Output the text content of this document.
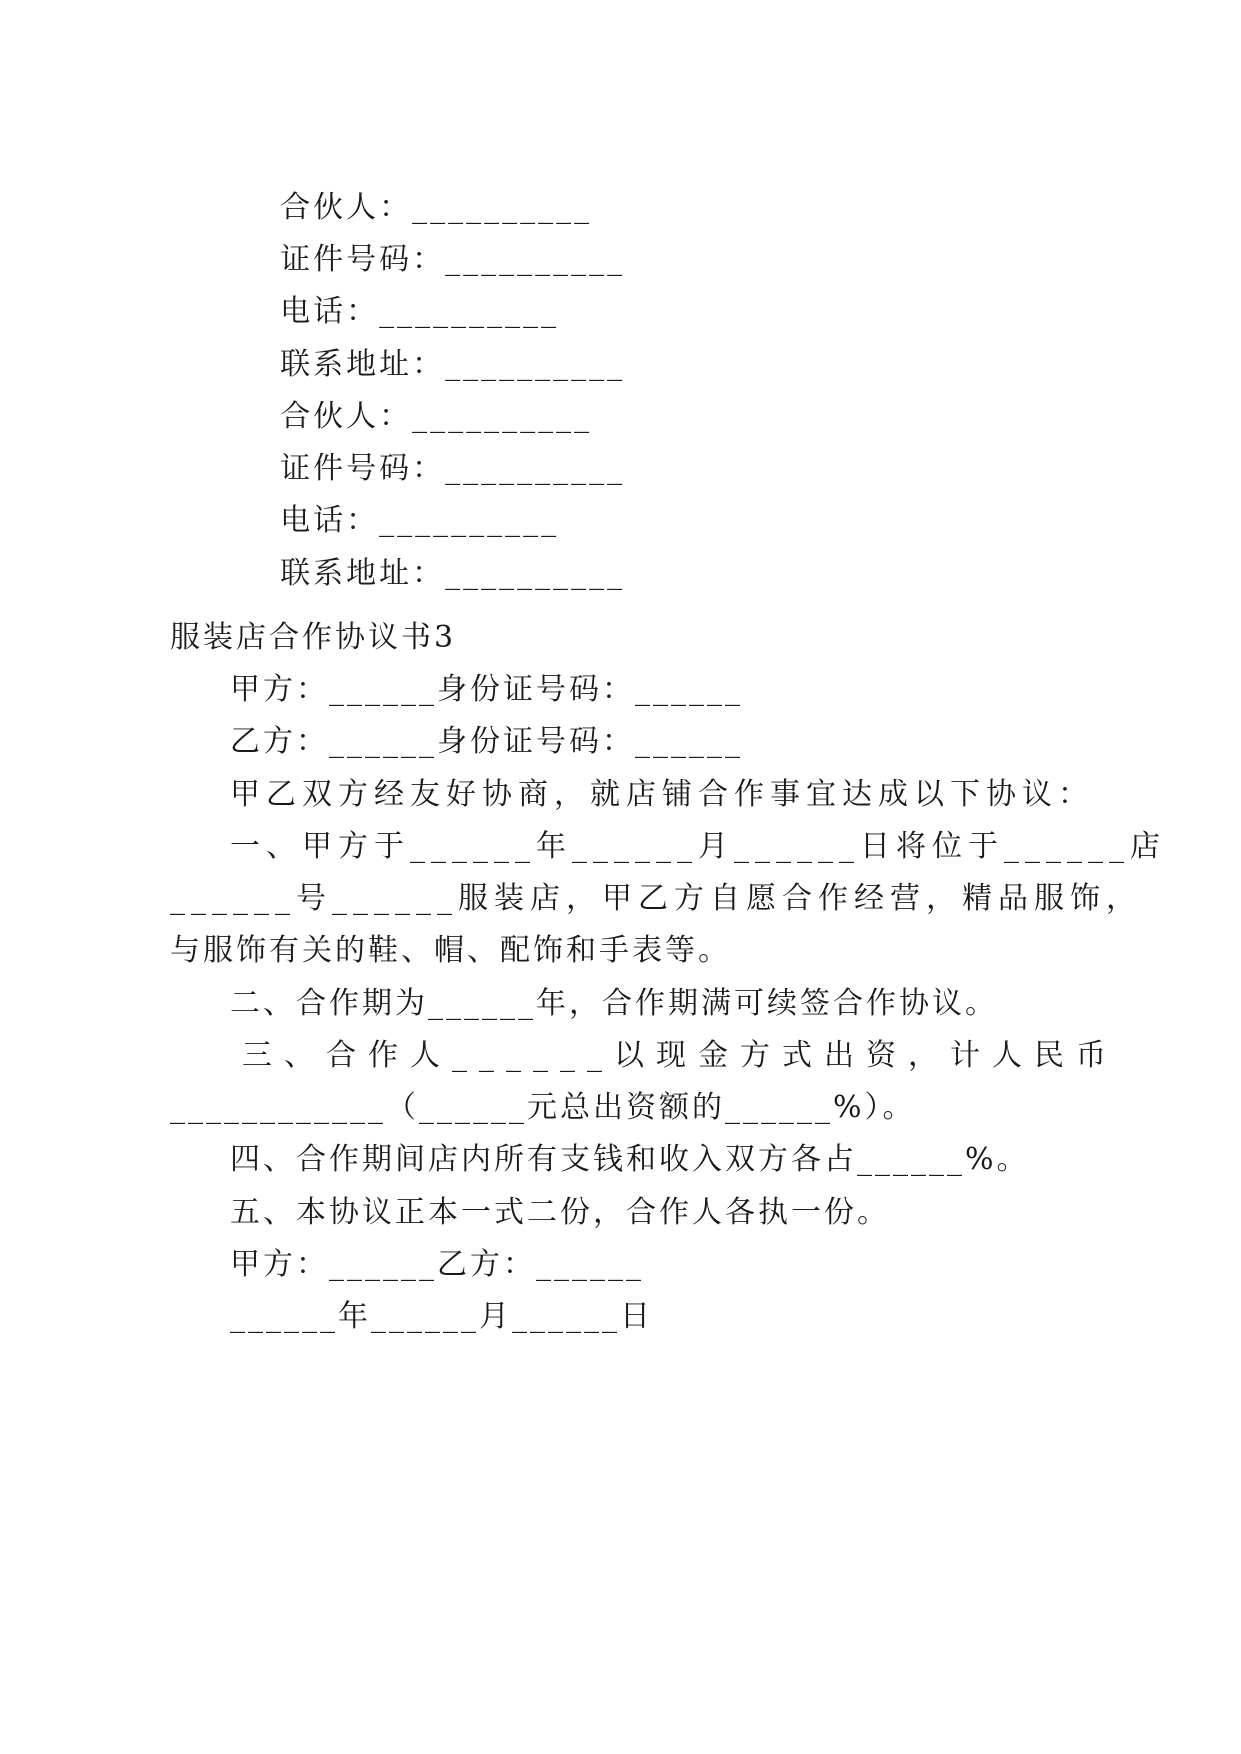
合伙人：__________

证件号码：__________

电话：__________

联系地址：__________

合伙人：__________

证件号码：__________

电话：__________

联系地址：__________

服装店合作协议书3
甲方：______身份证号码：______
乙方：______身份证号码：______
甲乙双方经友好协商，就店铺合作事宜达成以下协议：
一、甲方于______年______月______日将位于______店
______号______服装店，甲乙方自愿合作经营，精品服饰，
与服饰有关的鞋、帽、配饰和手表等。
二、合作期为______年，合作期满可续签合作协议。
三、合作人______以现金方式出资，计人民币
____________（______元总出资额的______%）。
四、合作期间店内所有支钱和收入双方各占______%。
五、本协议正本一式二份，合作人各执一份。
甲方：______乙方：______
______年______月______日
